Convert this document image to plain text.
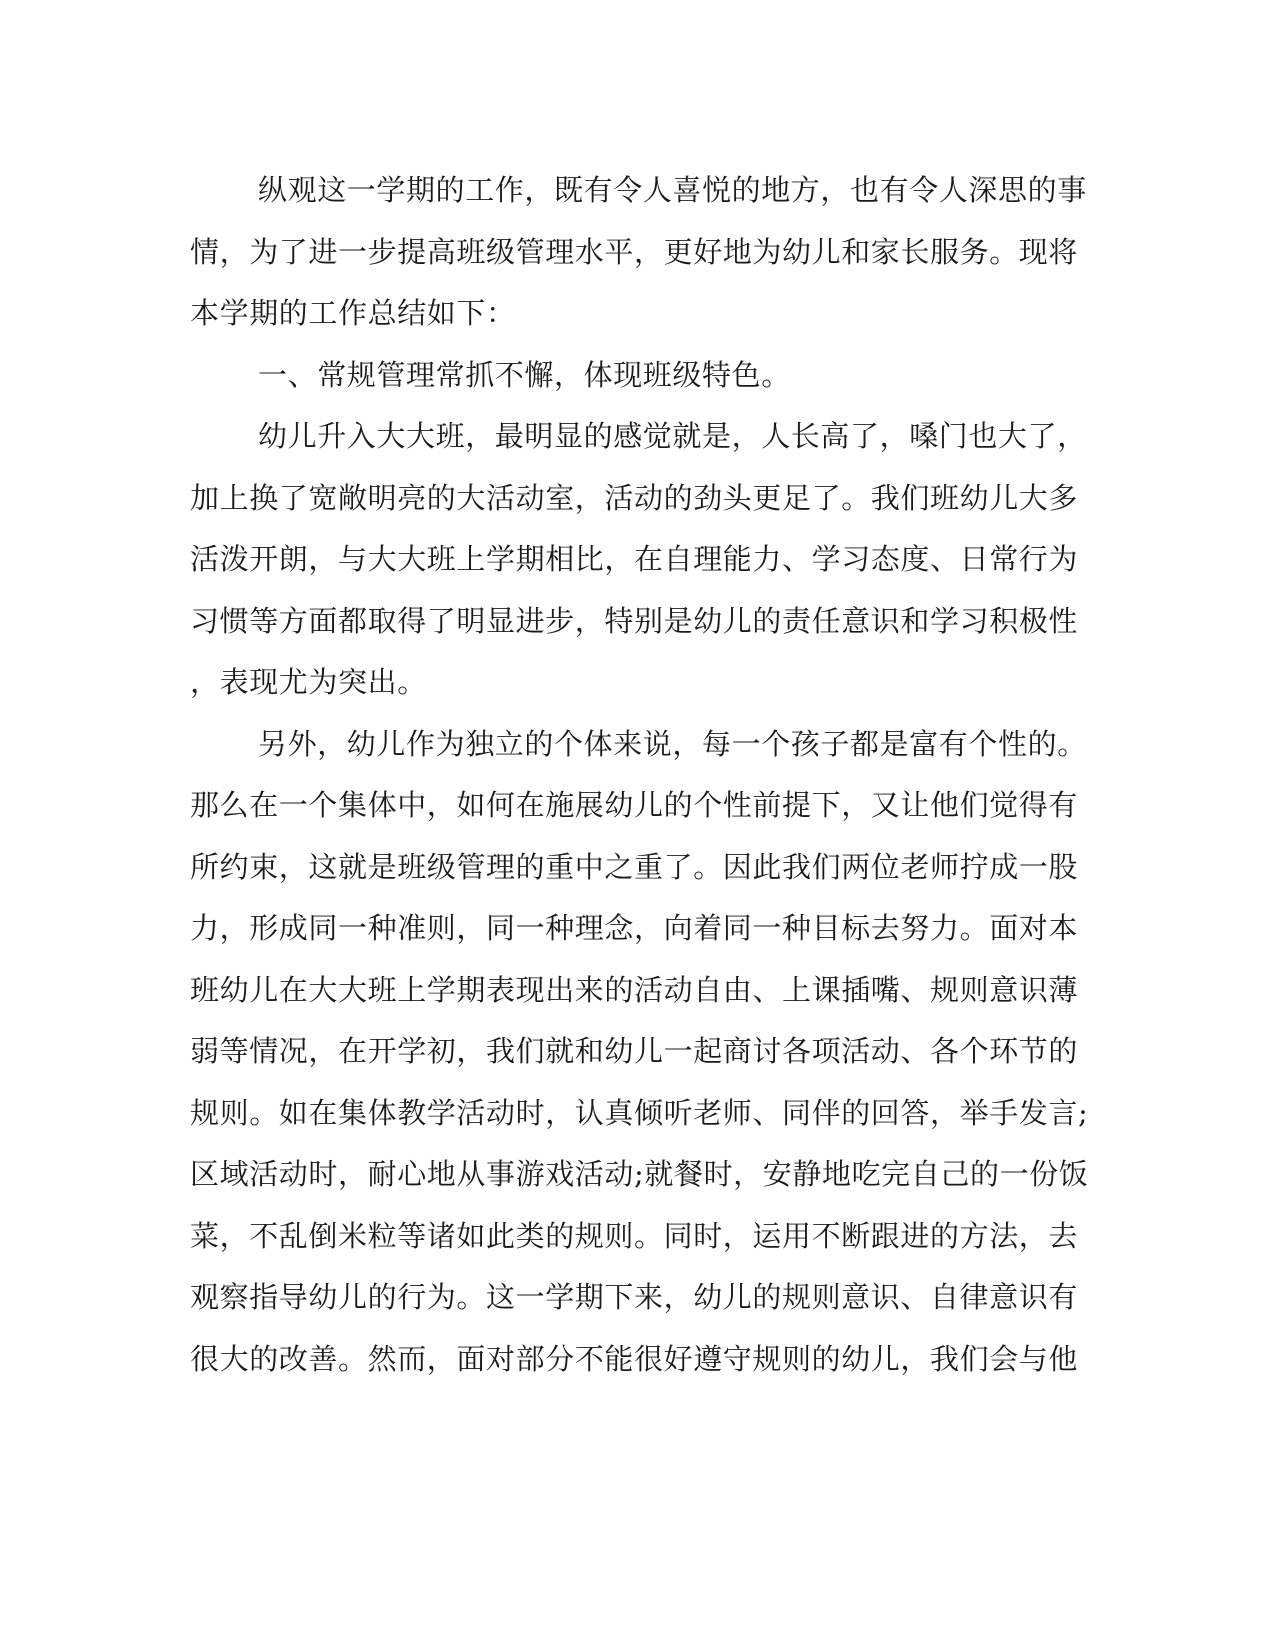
纵观这一学期的工作，既有令人喜悦的地方，也有令人深思的事
情，为了进一步提高班级管理水平，更好地为幼儿和家长服务。现将
本学期的工作总结如下：
一、常规管理常抓不懈，体现班级特色。
幼儿升入大大班，最明显的感觉就是，人长高了，嗓门也大了，
加上换了宽敞明亮的大活动室，活动的劲头更足了。我们班幼儿大多
活泼开朗，与大大班上学期相比，在自理能力、学习态度、日常行为
习惯等方面都取得了明显进步，特别是幼儿的责任意识和学习积极性
，表现尤为突出。
另外，幼儿作为独立的个体来说，每一个孩子都是富有个性的。
那么在一个集体中，如何在施展幼儿的个性前提下，又让他们觉得有
所约束，这就是班级管理的重中之重了。因此我们两位老师拧成一股
力，形成同一种准则，同一种理念，向着同一种目标去努力。面对本
班幼儿在大大班上学期表现出来的活动自由、上课插嘴、规则意识薄
弱等情况，在开学初，我们就和幼儿一起商讨各项活动、各个环节的
规则。如在集体教学活动时，认真倾听老师、同伴的回答，举手发言;
区域活动时，耐心地从事游戏活动;就餐时，安静地吃完自己的一份饭
菜，不乱倒米粒等诸如此类的规则。同时，运用不断跟进的方法，去
观察指导幼儿的行为。这一学期下来，幼儿的规则意识、自律意识有
很大的改善。然而，面对部分不能很好遵守规则的幼儿，我们会与他
